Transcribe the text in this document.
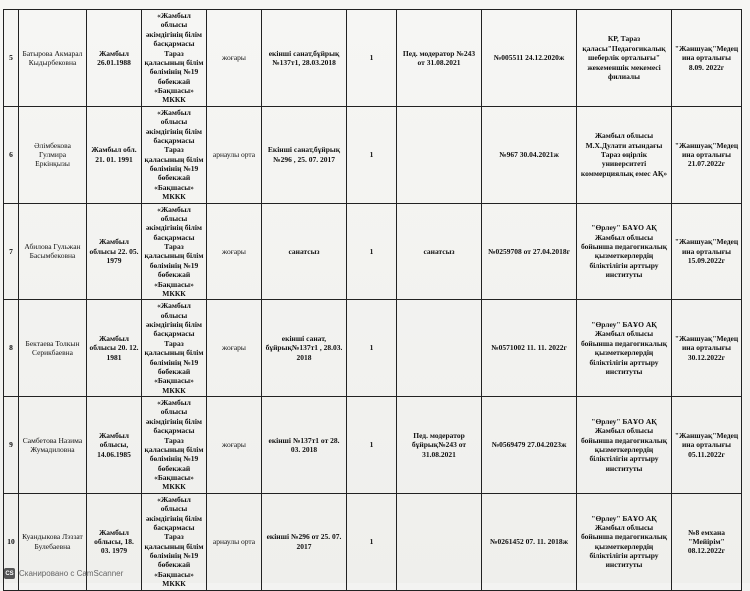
5	Батырова Акмарал Кыдырбековна	Жамбыл 26.01.1988	«Жамбыл облысы әкімдігінің білім басқармасы Тараз қаласының білім бөлімінің №19 бөбекжай «Бақшасы» МККК	жоғары	екінші санат,бұйрық №137т1, 28.03.2018	1	Пед. модератор №243 от 31.08.2021	№005511 24.12.2020ж	КР, Тараз қаласы"Педагогикалық шеберлік орталығы" жекеменшік мекемесі филиалы	"Жаншуақ"Медецина орталығы 8.09. 2022г
6	Әлімбекова Гулмира Еркінқызы	Жамбыл обл. 21. 01. 1991	«Жамбыл облысы әкімдігінің білім басқармасы Тараз қаласының білім бөлімінің №19 бөбекжай «Бақшасы» МККК	арнаулы орта	Екінші санат,бұйрық №296 , 25. 07. 2017	1		№967 30.04.2021ж	Жамбыл облысы М.Х.Дулати атындағы Тараз өңірлік университеті коммерциялық емес АҚ»	"Жаншуақ"Медецина орталығы 21.07.2022г
7	Абилова Гульжан Басымбековна	Жамбыл облысы 22. 05. 1979	«Жамбыл облысы әкімдігінің білім басқармасы Тараз қаласының білім бөлімінің №19 бөбекжай «Бақшасы» МККК	жоғары	санатсыз	1	санатсыз	№0259708 от 27.04.2018г	"Өрлеу" БАҰО АҚ Жамбыл облысы бойынша педагогикалық қызметкерлердің біліктілігін арттыру институты	"Жаншуақ"Медецина орталығы 15.09.2022г
8	Бектаева Толкын Серикбаевна	Жамбыл облысы 20. 12. 1981	«Жамбыл облысы әкімдігінің білім басқармасы Тараз қаласының білім бөлімінің №19 бөбекжай «Бақшасы» МККК	жоғары	екінші санат, бұйрық№137т1 , 28.03. 2018	1		№0571002 11. 11. 2022г	"Өрлеу" БАҰО АҚ Жамбыл облысы бойынша педагогикалық қызметкерлердің біліктілігін арттыру институты	"Жаншуақ"Медецина орталығы 30.12.2022г
9	Самбетова Назима Жумадиловна	Жамбыл облысы, 14.06.1985	«Жамбыл облысы әкімдігінің білім басқармасы Тараз қаласының білім бөлімінің №19 бөбекжай «Бақшасы» МККК	жоғары	екінші №137т1 от 28. 03. 2018	1	Пед. модератор бұйрық№243 от 31.08.2021	№0569479 27.04.2023ж	"Өрлеу" БАҰО АҚ Жамбыл облысы бойынша педагогикалық қызметкерлердің біліктілігін арттыру институты	"Жаншуақ"Медецина орталығы 05.11.2022г
10	Куандыкова Лэззат Булебаевна	Жамбыл облысы, 18. 03. 1979	«Жамбыл облысы әкімдігінің білім басқармасы Тараз қаласының білім бөлімінің №19 бөбекжай «Бақшасы» МККК	арнаулы орта	екінші №296 от 25. 07. 2017	1		№0261452 07. 11. 2018ж	"Өрлеу" БАҰО АҚ Жамбыл облысы бойынша педагогикалық қызметкерлердің біліктілігін арттыру институты	№8 емхана "Мейірім" 08.12.2022г
CS Сканировано с CamScanner
